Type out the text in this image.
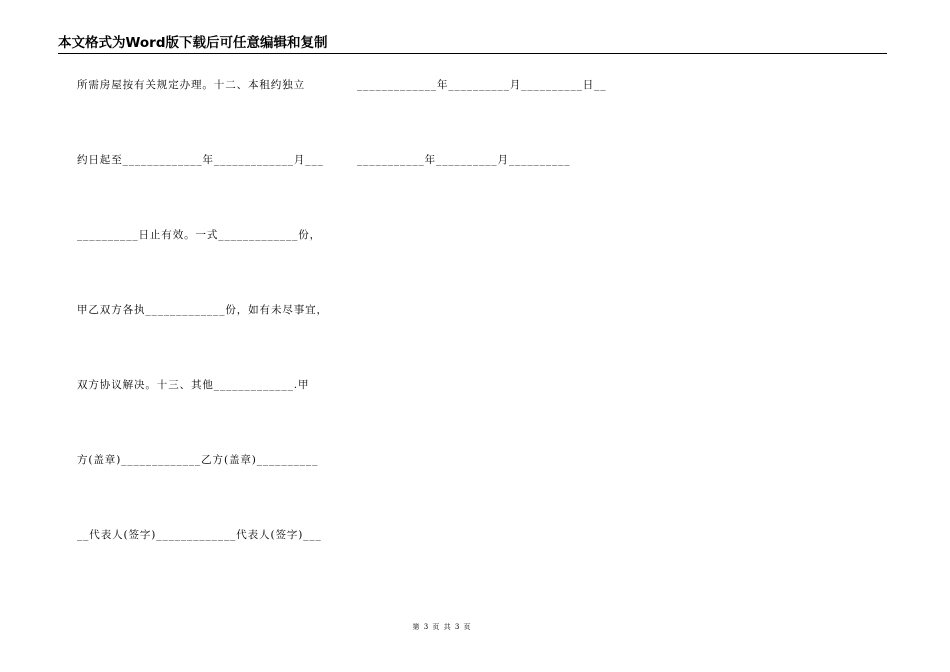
本文格式为Word版下载后可任意编辑和复制
所需房屋按有关规定办理。十二、本租约独立
约日起至_____________年_____________月___
__________日止有效。一式_____________份，
甲乙双方各执_____________份，如有未尽事宜，
双方协议解决。十三、其他_____________.甲
方(盖章)_____________乙方(盖章)__________
__代表人(签字)_____________代表人(签字)___
_____________年__________月__________日__
___________年__________月__________
第 3 页 共 3 页
